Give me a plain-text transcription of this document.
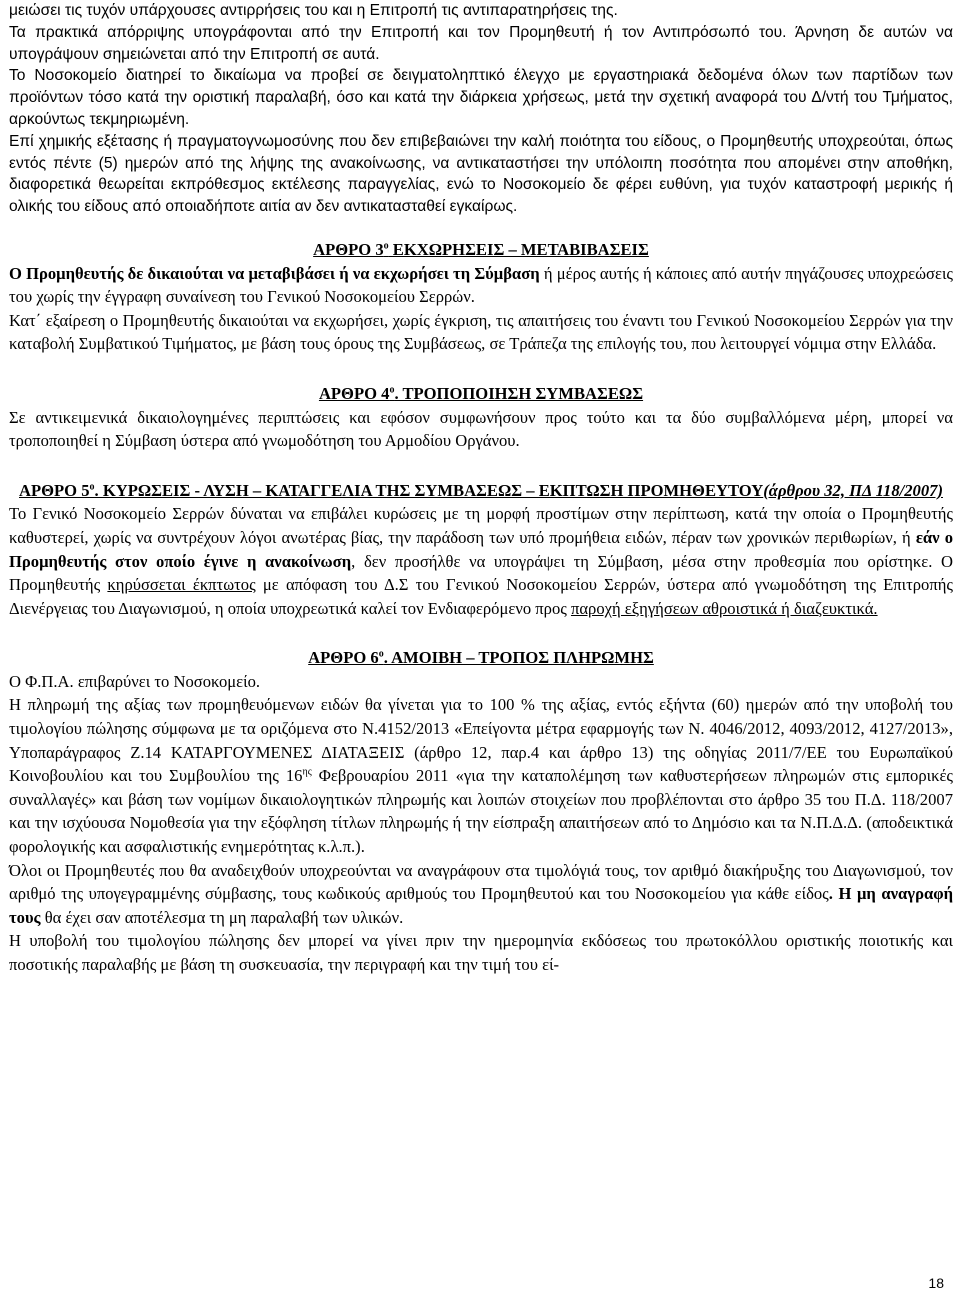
μειώσει τις τυχόν υπάρχουσες αντιρρήσεις του και η Επιτροπή τις αντιπαρατηρήσεις της.

Τα πρακτικά απόρριψης υπογράφονται από την Επιτροπή και τον Προμηθευτή ή τον Αντιπρόσωπό του. Άρνηση δε αυτών να υπογράψουν σημειώνεται από την Επιτροπή σε αυτά.

Το Νοσοκομείο διατηρεί το δικαίωμα να προβεί σε δειγματοληπτικό έλεγχο με εργαστηριακά δεδομένα όλων των παρτίδων των προϊόντων τόσο κατά την οριστική παραλαβή, όσο και κατά την διάρκεια χρήσεως, μετά την σχετική αναφορά του Δ/ντή του Τμήματος, αρκούντως τεκμηριωμένη.

Επί χημικής εξέτασης ή πραγματογνωμοσύνης που δεν επιβεβαιώνει την καλή ποιότητα του είδους, ο Προμηθευτής υποχρεούται, όπως εντός πέντε (5) ημερών από της λήψης της ανακοίνωσης, να αντικαταστήσει την υπόλοιπη ποσότητα που απομένει στην αποθήκη, διαφορετικά θεωρείται εκπρόθεσμος εκτέλεσης παραγγελίας, ενώ το Νοσοκομείο δε φέρει ευθύνη, για τυχόν καταστροφή μερικής ή ολικής του είδους από οποιαδήποτε αιτία αν δεν αντικατασταθεί εγκαίρως.

ΑΡΘΡΟ $3^o$ ΕΚΧΩΡΗΣΕΙΣ – ΜΕΤΑΒΙΒΑΣΕΙΣ

Ο Προμηθευτής δε δικαιούται να μεταβιβάσει ή να εκχωρήσει τη Σύμβαση ή μέρος αυτής ή κάποιες από αυτήν πηγάζουσες υποχρεώσεις του χωρίς την έγγραφη συναίνεση του Γενικού Νοσοκομείου Σερρών.

Κατ΄ εξαίρεση ο Προμηθευτής δικαιούται να εκχωρήσει, χωρίς έγκριση, τις απαιτήσεις του έναντι του Γενικού Νοσοκομείου Σερρών για την καταβολή Συμβατικού Τιμήματος, με βάση τους όρους της Συμβάσεως, σε Τράπεζα της επιλογής του, που λειτουργεί νόμιμα στην Ελλάδα.

ΑΡΘΡΟ $4^o$. ΤΡΟΠΟΠΟΙΗΣΗ ΣΥΜΒΑΣΕΩΣ

Σε αντικειμενικά δικαιολογημένες περιπτώσεις και εφόσον συμφωνήσουν προς τούτο και τα δύο συμβαλλόμενα μέρη, μπορεί να τροποποιηθεί η Σύμβαση ύστερα από γνωμοδότηση του Αρμοδίου Οργάνου.

ΑΡΘΡΟ $5^o$. ΚΥΡΩΣΕΙΣ - ΛΥΣΗ – ΚΑΤΑΓΓΕΛΙΑ ΤΗΣ ΣΥΜΒΑΣΕΩΣ – ΕΚΠΤΩΣΗ ΠΡΟΜΗΘΕΥΤΟΥ(άρθρου 32, ΠΔ 118/2007)

Το Γενικό Νοσοκομείο Σερρών δύναται να επιβάλει κυρώσεις με τη μορφή προστίμων στην περίπτωση, κατά την οποία ο Προμηθευτής καθυστερεί, χωρίς να συντρέχουν λόγοι ανωτέρας βίας, την παράδοση των υπό προμήθεια ειδών, πέραν των χρονικών περιθωρίων, ή εάν ο Προμηθευτής στον οποίο έγινε η ανακοίνωση, δεν προσήλθε να υπογράψει τη Σύμβαση, μέσα στην προθεσμία που ορίστηκε. Ο Προμηθευτής κηρύσσεται έκπτωτος με απόφαση του Δ.Σ του Γενικού Νοσοκομείου Σερρών, ύστερα από γνωμοδότηση της Επιτροπής Διενέργειας του Διαγωνισμού, η οποία υποχρεωτικά καλεί τον Ενδιαφερόμενο προς παροχή εξηγήσεων αθροιστικά ή διαζευκτικά.

ΑΡΘΡΟ $6^o$. ΑΜΟΙΒΗ – ΤΡΟΠΟΣ ΠΛΗΡΩΜΗΣ

Ο Φ.Π.Α. επιβαρύνει το Νοσοκομείο.

Η πληρωμή της αξίας των προμηθευόμενων ειδών θα γίνεται για το 100 % της αξίας, εντός εξήντα (60) ημερών από την υποβολή του τιμολογίου πώλησης σύμφωνα με τα οριζόμενα στο Ν.4152/2013 «Επείγοντα μέτρα εφαρμογής των Ν. 4046/2012, 4093/2012, 4127/2013», Υποπαράγραφος Ζ.14 ΚΑΤΑΡΓΟΥΜΕΝΕΣ ΔΙΑΤΑΞΕΙΣ (άρθρο 12, παρ.4 και άρθρο 13) της οδηγίας 2011/7/ΕΕ του Ευρωπαϊκού Κοινοβουλίου και του Συμβουλίου της $16^{\eta\varsigma}$ Φεβρουαρίου 2011 «για την καταπολέμηση των καθυστερήσεων πληρωμών στις εμπορικές συναλλαγές» και βάση των νομίμων δικαιολογητικών πληρωμής και λοιπών στοιχείων που προβλέπονται στο άρθρο 35 του Π.Δ. 118/2007 και την ισχύουσα Νομοθεσία για την εξόφληση τίτλων πληρωμής ή την είσπραξη απαιτήσεων από το Δημόσιο και τα Ν.Π.Δ.Δ. (αποδεικτικά φορολογικής και ασφαλιστικής ενημερότητας κ.λ.π.).

Όλοι οι Προμηθευτές που θα αναδειχθούν υποχρεούνται να αναγράφουν στα τιμολόγιά τους, τον αριθμό διακήρυξης του Διαγωνισμού, τον αριθμό της υπογεγραμμένης σύμβασης, τους κωδικούς αριθμούς του Προμηθευτού και του Νοσοκομείου για κάθε είδος. Η μη αναγραφή τους θα έχει σαν αποτέλεσμα τη μη παραλαβή των υλικών.

Η υποβολή του τιμολογίου πώλησης δεν μπορεί να γίνει πριν την ημερομηνία εκδόσεως του πρωτοκόλλου οριστικής ποιοτικής και ποσοτικής παραλαβής με βάση τη συσκευασία, την περιγραφή και την τιμή του εί-

18
